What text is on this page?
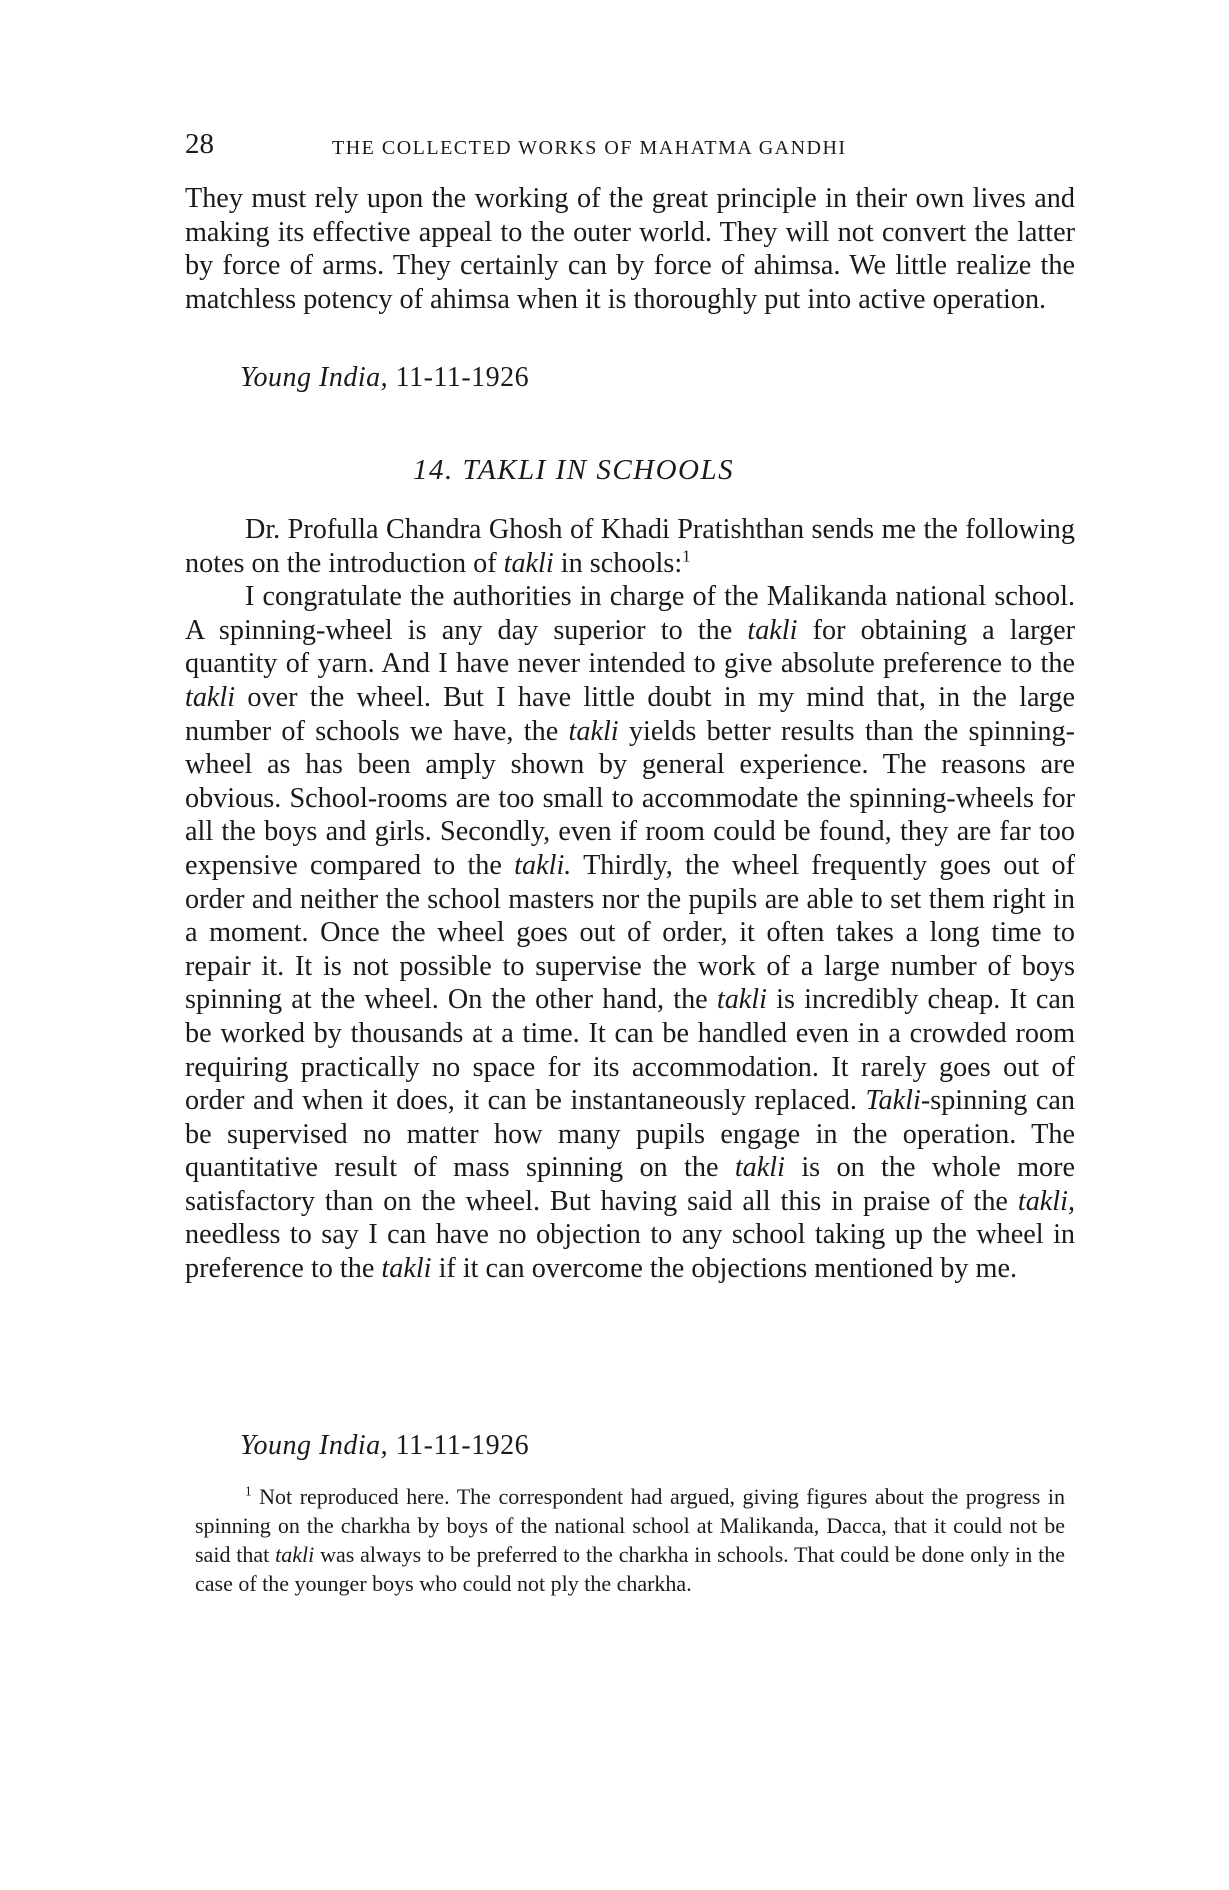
28	THE COLLECTED WORKS OF MAHATMA GANDHI

They must rely upon the working of the great principle in their own lives and making its effective appeal to the outer world. They will not convert the latter by force of arms. They certainly can by force of ahimsa. We little realize the matchless potency of ahimsa when it is thoroughly put into active operation.

Young India, 11-11-1926
14. TAKLI IN SCHOOLS

Dr. Profulla Chandra Ghosh of Khadi Pratishthan sends me the following notes on the introduction of takli in schools:$^1$

I congratulate the authorities in charge of the Malikanda national school. A spinning-wheel is any day superior to the takli for obtaining a larger quantity of yarn. And I have never intended to give absolute preference to the takli over the wheel. But I have little doubt in my mind that, in the large number of schools we have, the takli yields better results than the spinning-wheel as has been amply shown by general experience. The reasons are obvious. School-rooms are too small to accommodate the spinning-wheels for all the boys and girls. Secondly, even if room could be found, they are far too expensive compared to the takli. Thirdly, the wheel frequently goes out of order and neither the school masters nor the pupils are able to set them right in a moment. Once the wheel goes out of order, it often takes a long time to repair it. It is not possible to supervise the work of a large number of boys spinning at the wheel. On the other hand, the takli is incredibly cheap. It can be worked by thousands at a time. It can be handled even in a crowded room requiring practically no space for its accommodation. It rarely goes out of order and when it does, it can be instantaneously replaced. Takli-spinning can be supervised no matter how many pupils engage in the operation. The quantitative result of mass spinning on the takli is on the whole more satisfactory than on the wheel. But having said all this in praise of the takli, needless to say I can have no objection to any school taking up the wheel in preference to the takli if it can overcome the objections mentioned by me.

Young India, 11-11-1926

$^1$ Not reproduced here. The correspondent had argued, giving figures about the progress in spinning on the charkha by boys of the national school at Malikanda, Dacca, that it could not be said that takli was always to be preferred to the charkha in schools. That could be done only in the case of the younger boys who could not ply the charkha.
